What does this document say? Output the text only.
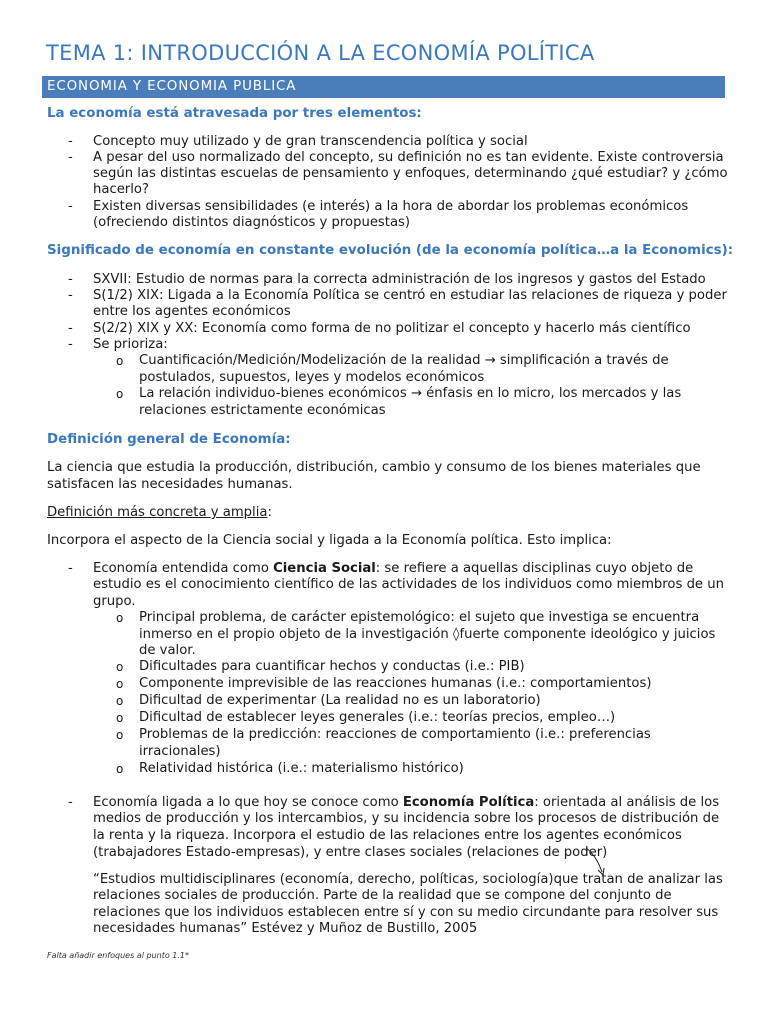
TEMA 1: INTRODUCCIÓN A LA ECONOMÍA POLÍTICA
ECONOMIA Y ECONOMIA PUBLICA
La economía está atravesada por tres elementos:
- Concepto muy utilizado y de gran transcendencia política y social
- A pesar del uso normalizado del concepto, su definición no es tan evidente. Existe controversia
según las distintas escuelas de pensamiento y enfoques, determinando ¿qué estudiar? y ¿cómo
hacerlo?
- Existen diversas sensibilidades (e interés) a la hora de abordar los problemas económicos
(ofreciendo distintos diagnósticos y propuestas)
Significado de economía en constante evolución (de la economía política…a la Economics):
- SXVII: Estudio de normas para la correcta administración de los ingresos y gastos del Estado
- S(1/2) XIX: Ligada a la Economía Política se centró en estudiar las relaciones de riqueza y poder
entre los agentes económicos
- S(2/2) XIX y XX: Economía como forma de no politizar el concepto y hacerlo más científico
- Se prioriza:
o Cuantificación/Medición/Modelización de la realidad → simplificación a través de
postulados, supuestos, leyes y modelos económicos
o La relación individuo-bienes económicos → énfasis en lo micro, los mercados y las
relaciones estrictamente económicas
Definición general de Economía:
La ciencia que estudia la producción, distribución, cambio y consumo de los bienes materiales que
satisfacen las necesidades humanas.
Definición más concreta y amplia:
Incorpora el aspecto de la Ciencia social y ligada a la Economía política. Esto implica:
- Economía entendida como Ciencia Social: se refiere a aquellas disciplinas cuyo objeto de
estudio es el conocimiento científico de las actividades de los individuos como miembros de un
grupo.
o Principal problema, de carácter epistemológico: el sujeto que investiga se encuentra
inmerso en el propio objeto de la investigación ◊fuerte componente ideológico y juicios
de valor.
o Dificultades para cuantificar hechos y conductas (i.e.: PIB)
o Componente imprevisible de las reacciones humanas (i.e.: comportamientos)
o Dificultad de experimentar (La realidad no es un laboratorio)
o Dificultad de establecer leyes generales (i.e.: teorías precios, empleo…)
o Problemas de la predicción: reacciones de comportamiento (i.e.: preferencias
irracionales)
o Relatividad histórica (i.e.: materialismo histórico)
- Economía ligada a lo que hoy se conoce como Economía Política: orientada al análisis de los
medios de producción y los intercambios, y su incidencia sobre los procesos de distribución de
la renta y la riqueza. Incorpora el estudio de las relaciones entre los agentes económicos
(trabajadores Estado-empresas), y entre clases sociales (relaciones de poder)
“Estudios multidisciplinares (economía, derecho, políticas, sociología)que tratan de analizar las
relaciones sociales de producción. Parte de la realidad que se compone del conjunto de
relaciones que los individuos establecen entre sí y con su medio circundante para resolver sus
necesidades humanas” Estévez y Muñoz de Bustillo, 2005
Falta añadir enfoques al punto 1.1*
